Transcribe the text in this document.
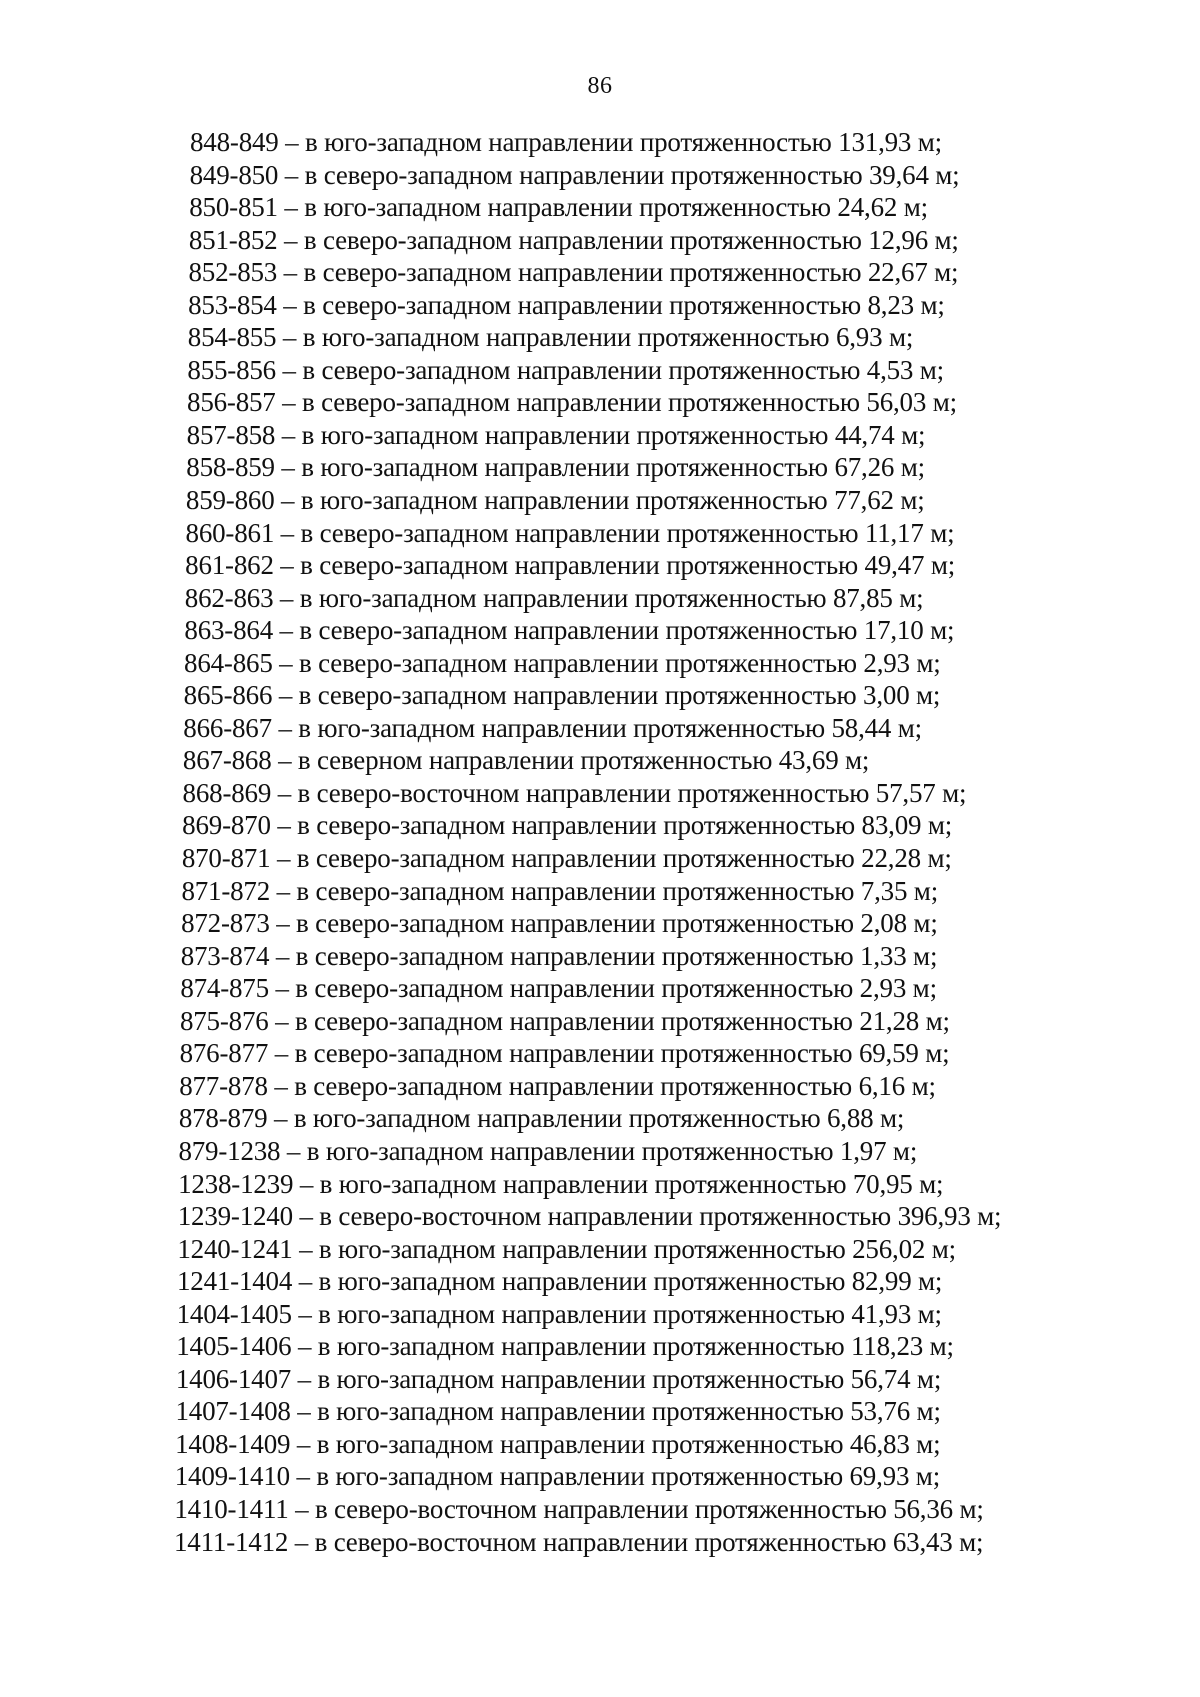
86
848-849 – в юго-западном направлении протяженностью 131,93 м;
849-850 – в северо-западном направлении протяженностью 39,64 м;
850-851 – в юго-западном направлении протяженностью 24,62 м;
851-852 – в северо-западном направлении протяженностью 12,96 м;
852-853 – в северо-западном направлении протяженностью 22,67 м;
853-854 – в северо-западном направлении протяженностью 8,23 м;
854-855 – в юго-западном направлении протяженностью 6,93 м;
855-856 – в северо-западном направлении протяженностью 4,53 м;
856-857 – в северо-западном направлении протяженностью 56,03 м;
857-858 – в юго-западном направлении протяженностью 44,74 м;
858-859 – в юго-западном направлении протяженностью 67,26 м;
859-860 – в юго-западном направлении протяженностью 77,62 м;
860-861 – в северо-западном направлении протяженностью 11,17 м;
861-862 – в северо-западном направлении протяженностью 49,47 м;
862-863 – в юго-западном направлении протяженностью 87,85 м;
863-864 – в северо-западном направлении протяженностью 17,10 м;
864-865 – в северо-западном направлении протяженностью 2,93 м;
865-866 – в северо-западном направлении протяженностью 3,00 м;
866-867 – в юго-западном направлении протяженностью 58,44 м;
867-868 – в северном направлении протяженностью 43,69 м;
868-869 – в северо-восточном направлении протяженностью 57,57 м;
869-870 – в северо-западном направлении протяженностью 83,09 м;
870-871 – в северо-западном направлении протяженностью 22,28 м;
871-872 – в северо-западном направлении протяженностью 7,35 м;
872-873 – в северо-западном направлении протяженностью 2,08 м;
873-874 – в северо-западном направлении протяженностью 1,33 м;
874-875 – в северо-западном направлении протяженностью 2,93 м;
875-876 – в северо-западном направлении протяженностью 21,28 м;
876-877 – в северо-западном направлении протяженностью 69,59 м;
877-878 – в северо-западном направлении протяженностью 6,16 м;
878-879 – в юго-западном направлении протяженностью 6,88 м;
879-1238 – в юго-западном направлении протяженностью 1,97 м;
1238-1239 – в юго-западном направлении протяженностью 70,95 м;
1239-1240 – в северо-восточном направлении протяженностью 396,93 м;
1240-1241 – в юго-западном направлении протяженностью 256,02 м;
1241-1404 – в юго-западном направлении протяженностью 82,99 м;
1404-1405 – в юго-западном направлении протяженностью 41,93 м;
1405-1406 – в юго-западном направлении протяженностью 118,23 м;
1406-1407 – в юго-западном направлении протяженностью 56,74 м;
1407-1408 – в юго-западном направлении протяженностью 53,76 м;
1408-1409 – в юго-западном направлении протяженностью 46,83 м;
1409-1410 – в юго-западном направлении протяженностью 69,93 м;
1410-1411 – в северо-восточном направлении протяженностью 56,36 м;
1411-1412 – в северо-восточном направлении протяженностью 63,43 м;
